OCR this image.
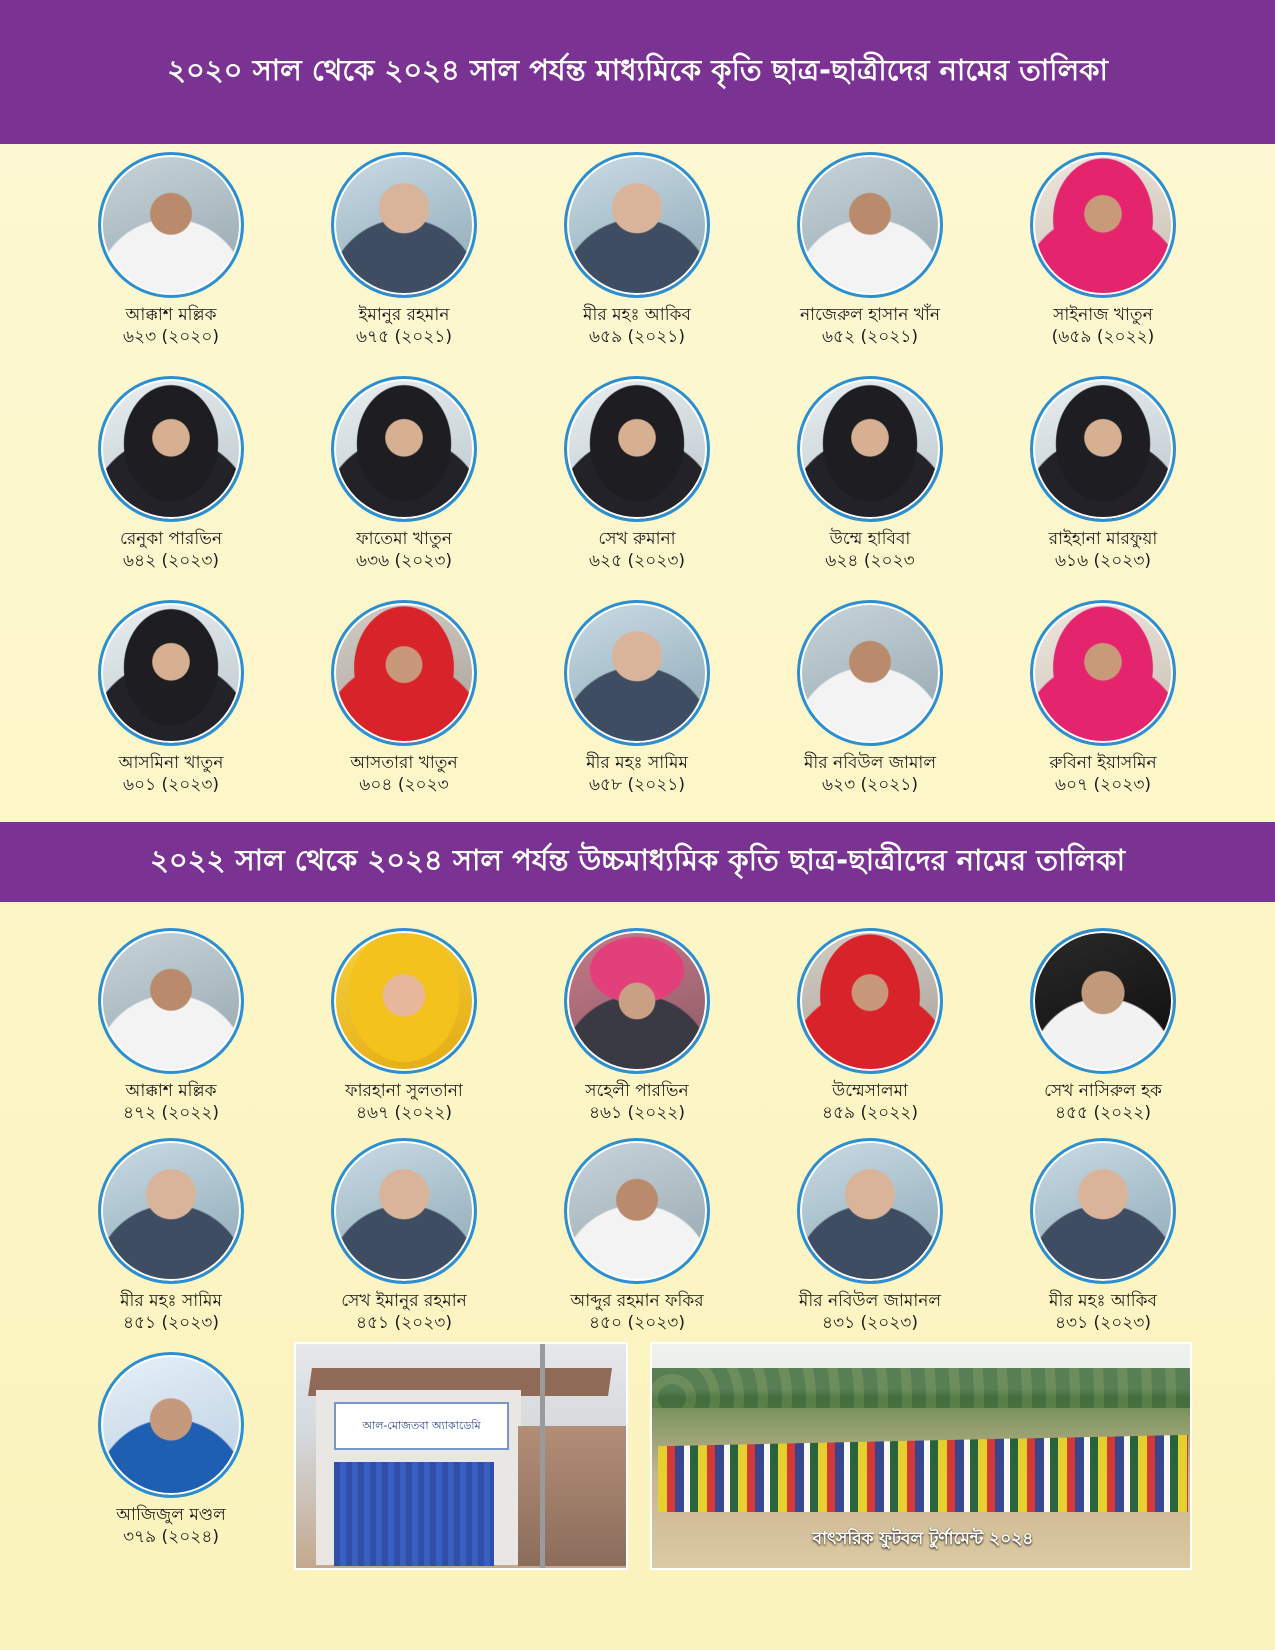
২০২০ সাল থেকে ২০২৪ সাল পর্যন্ত মাধ্যমিকে কৃতি ছাত্র-ছাত্রীদের নামের তালিকা
আক্কাশ মল্লিক
৬২৩ (২০২০)
ইমানুর রহমান
৬৭৫ (২০২১)
মীর মহঃ আকিব
৬৫৯ (২০২১)
নাজেরুল হাসান খাঁন
৬৫২ (২০২১)
সাইনাজ খাতুন
(৬৫৯ (২০২২)
রেনুকা পারভিন
৬৪২ (২০২৩)
ফাতেমা খাতুন
৬৩৬ (২০২৩)
সেখ রুমানা
৬২৫ (২০২৩)
উম্মে হাবিবা
৬২৪ (২০২৩
রাইহানা মারফুয়া
৬১৬ (২০২৩)
আসমিনা খাতুন
৬০১ (২০২৩)
আসতারা খাতুন
৬০৪ (২০২৩
মীর মহঃ সামিম
৬৫৮ (২০২১)
মীর নবিউল জামাল
৬২৩ (২০২১)
রুবিনা ইয়াসমিন
৬০৭ (২০২৩)
২০২২ সাল থেকে ২০২৪ সাল পর্যন্ত উচ্চমাধ্যমিক কৃতি ছাত্র-ছাত্রীদের নামের তালিকা
আক্কাশ মল্লিক
৪৭২ (২০২২)
ফারহানা সুলতানা
৪৬৭ (২০২২)
সহেলী পারভিন
৪৬১ (২০২২)
উম্মেসালমা
৪৫৯ (২০২২)
সেখ নাসিরুল হক
৪৫৫ (২০২২)
মীর মহঃ সামিম
৪৫১ (২০২৩)
সেখ ইমানুর রহমান
৪৫১ (২০২৩)
আব্দুর রহমান ফকির
৪৫০ (২০২৩)
মীর নবিউল জামানল
৪৩১ (২০২৩)
মীর মহঃ আকিব
৪৩১ (২০২৩)
আজিজুল মণ্ডল
৩৭৯ (২০২৪)
আল-মোজতবা অ্যাকাডেমি
বাৎসরিক ফুটবল টুর্ণামেন্ট ২০২৪
